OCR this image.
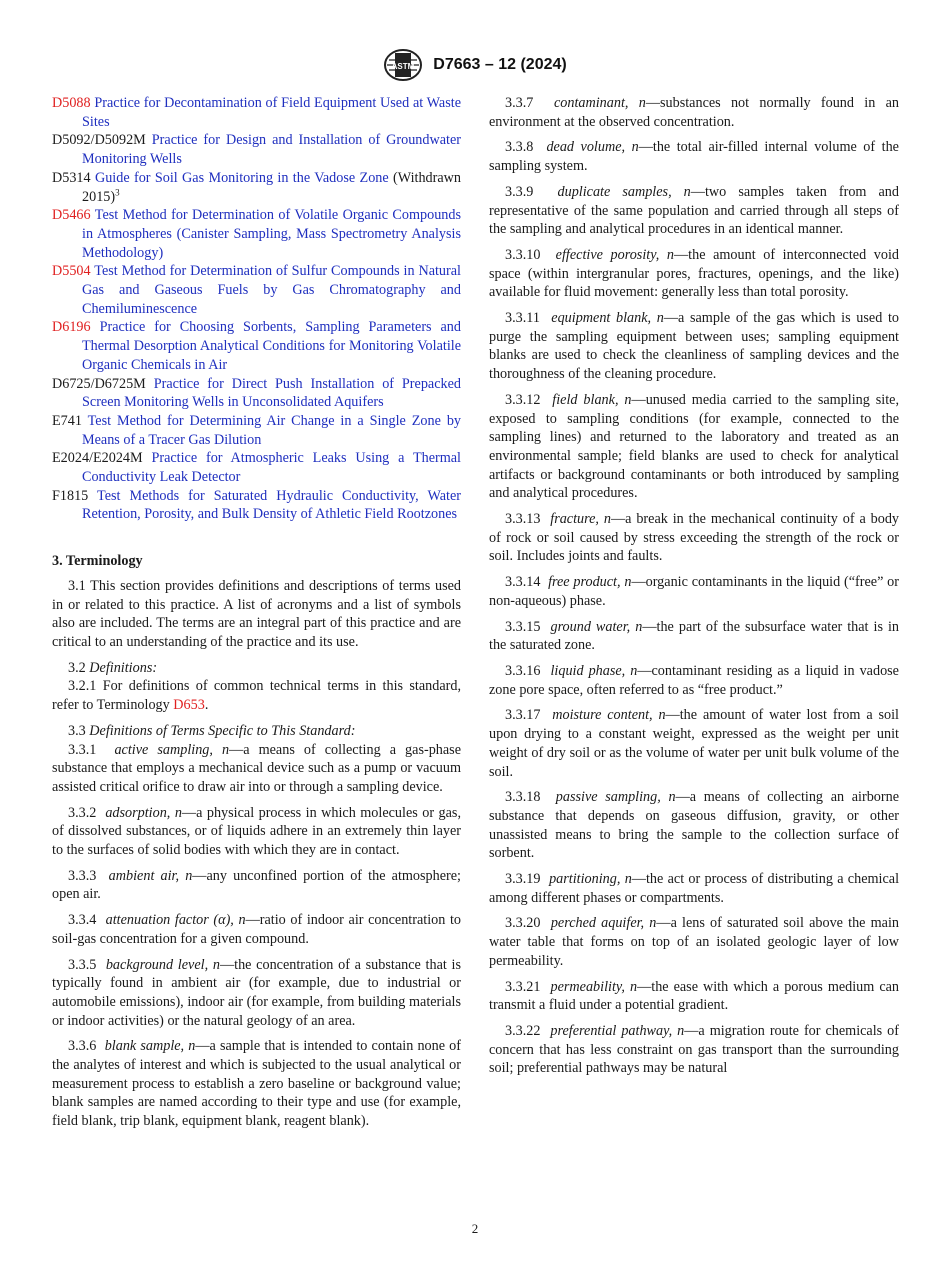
ASTM D7663 – 12 (2024)

D5088 Practice for Decontamination of Field Equipment Used at Waste Sites

D5092/D5092M Practice for Design and Installation of Groundwater Monitoring Wells

D5314 Guide for Soil Gas Monitoring in the Vadose Zone (Withdrawn 2015)$^3$

D5466 Test Method for Determination of Volatile Organic Compounds in Atmospheres (Canister Sampling, Mass Spectrometry Analysis Methodology)

D5504 Test Method for Determination of Sulfur Compounds in Natural Gas and Gaseous Fuels by Gas Chromatography and Chemiluminescence

D6196 Practice for Choosing Sorbents, Sampling Parameters and Thermal Desorption Analytical Conditions for Monitoring Volatile Organic Chemicals in Air

D6725/D6725M Practice for Direct Push Installation of Prepacked Screen Monitoring Wells in Unconsolidated Aquifers

E741 Test Method for Determining Air Change in a Single Zone by Means of a Tracer Gas Dilution

E2024/E2024M Practice for Atmospheric Leaks Using a Thermal Conductivity Leak Detector

F1815 Test Methods for Saturated Hydraulic Conductivity, Water Retention, Porosity, and Bulk Density of Athletic Field Rootzones

3. Terminology

3.1 This section provides definitions and descriptions of terms used in or related to this practice. A list of acronyms and a list of symbols also are included. The terms are an integral part of this practice and are critical to an understanding of the practice and its use.

3.2 Definitions:

3.2.1 For definitions of common technical terms in this standard, refer to Terminology D653.

3.3 Definitions of Terms Specific to This Standard:

3.3.1 active sampling, n—a means of collecting a gas-phase substance that employs a mechanical device such as a pump or vacuum assisted critical orifice to draw air into or through a sampling device.

3.3.2 adsorption, n—a physical process in which molecules or gas, of dissolved substances, or of liquids adhere in an extremely thin layer to the surfaces of solid bodies with which they are in contact.

3.3.3 ambient air, n—any unconfined portion of the atmosphere; open air.

3.3.4 attenuation factor (α), n—ratio of indoor air concentration to soil-gas concentration for a given compound.

3.3.5 background level, n—the concentration of a substance that is typically found in ambient air (for example, due to industrial or automobile emissions), indoor air (for example, from building materials or indoor activities) or the natural geology of an area.

3.3.6 blank sample, n—a sample that is intended to contain none of the analytes of interest and which is subjected to the usual analytical or measurement process to establish a zero baseline or background value; blank samples are named according to their type and use (for example, field blank, trip blank, equipment blank, reagent blank).

3.3.7 contaminant, n—substances not normally found in an environment at the observed concentration.

3.3.8 dead volume, n—the total air-filled internal volume of the sampling system.

3.3.9 duplicate samples, n—two samples taken from and representative of the same population and carried through all steps of the sampling and analytical procedures in an identical manner.

3.3.10 effective porosity, n—the amount of interconnected void space (within intergranular pores, fractures, openings, and the like) available for fluid movement: generally less than total porosity.

3.3.11 equipment blank, n—a sample of the gas which is used to purge the sampling equipment between uses; sampling equipment blanks are used to check the cleanliness of sampling devices and the thoroughness of the cleaning procedure.

3.3.12 field blank, n—unused media carried to the sampling site, exposed to sampling conditions (for example, connected to the sampling lines) and returned to the laboratory and treated as an environmental sample; field blanks are used to check for analytical artifacts or background contaminants or both introduced by sampling and analytical procedures.

3.3.13 fracture, n—a break in the mechanical continuity of a body of rock or soil caused by stress exceeding the strength of the rock or soil. Includes joints and faults.

3.3.14 free product, n—organic contaminants in the liquid (“free” or non-aqueous) phase.

3.3.15 ground water, n—the part of the subsurface water that is in the saturated zone.

3.3.16 liquid phase, n—contaminant residing as a liquid in vadose zone pore space, often referred to as “free product.”

3.3.17 moisture content, n—the amount of water lost from a soil upon drying to a constant weight, expressed as the weight per unit weight of dry soil or as the volume of water per unit bulk volume of the soil.

3.3.18 passive sampling, n—a means of collecting an airborne substance that depends on gaseous diffusion, gravity, or other unassisted means to bring the sample to the collection surface of sorbent.

3.3.19 partitioning, n—the act or process of distributing a chemical among different phases or compartments.

3.3.20 perched aquifer, n—a lens of saturated soil above the main water table that forms on top of an isolated geologic layer of low permeability.

3.3.21 permeability, n—the ease with which a porous medium can transmit a fluid under a potential gradient.

3.3.22 preferential pathway, n—a migration route for chemicals of concern that has less constraint on gas transport than the surrounding soil; preferential pathways may be natural

2
